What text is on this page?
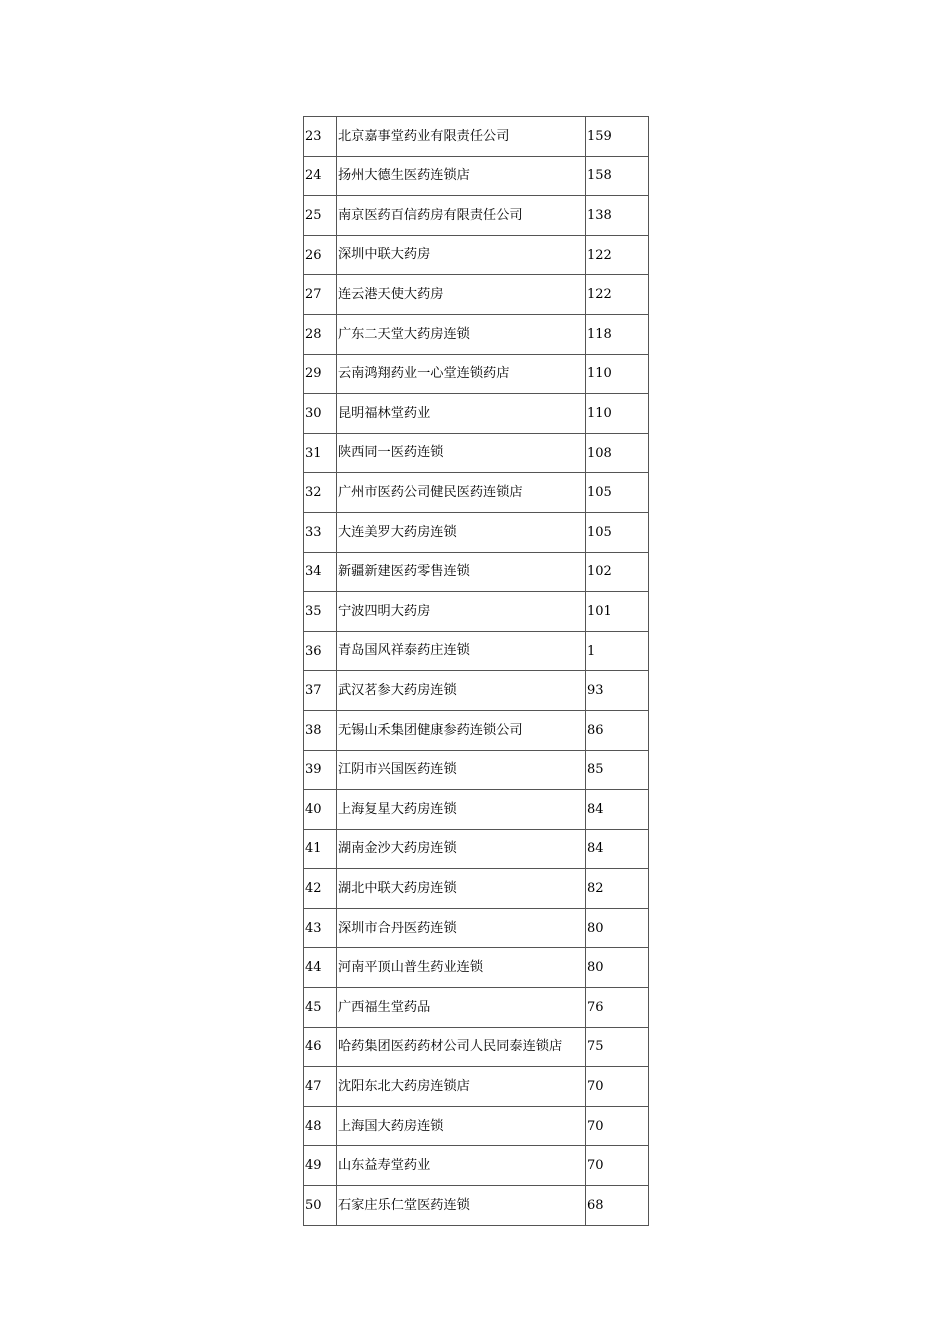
23	北京嘉事堂药业有限责任公司	159
24	扬州大德生医药连锁店	158
25	南京医药百信药房有限责任公司	138
26	深圳中联大药房	122
27	连云港天使大药房	122
28	广东二天堂大药房连锁	118
29	云南鸿翔药业一心堂连锁药店	110
30	昆明福林堂药业	110
31	陕西同一医药连锁	108
32	广州市医药公司健民医药连锁店	105
33	大连美罗大药房连锁	105
34	新疆新建医药零售连锁	102
35	宁波四明大药房	101
36	青岛国风祥泰药庄连锁	1
37	武汉茗参大药房连锁	93
38	无锡山禾集团健康参药连锁公司	86
39	江阴市兴国医药连锁	85
40	上海复星大药房连锁	84
41	湖南金沙大药房连锁	84
42	湖北中联大药房连锁	82
43	深圳市合丹医药连锁	80
44	河南平顶山普生药业连锁	80
45	广西福生堂药品	76
46	哈药集团医药药材公司人民同泰连锁店	75
47	沈阳东北大药房连锁店	70
48	上海国大药房连锁	70
49	山东益寿堂药业	70
50	石家庄乐仁堂医药连锁	68
